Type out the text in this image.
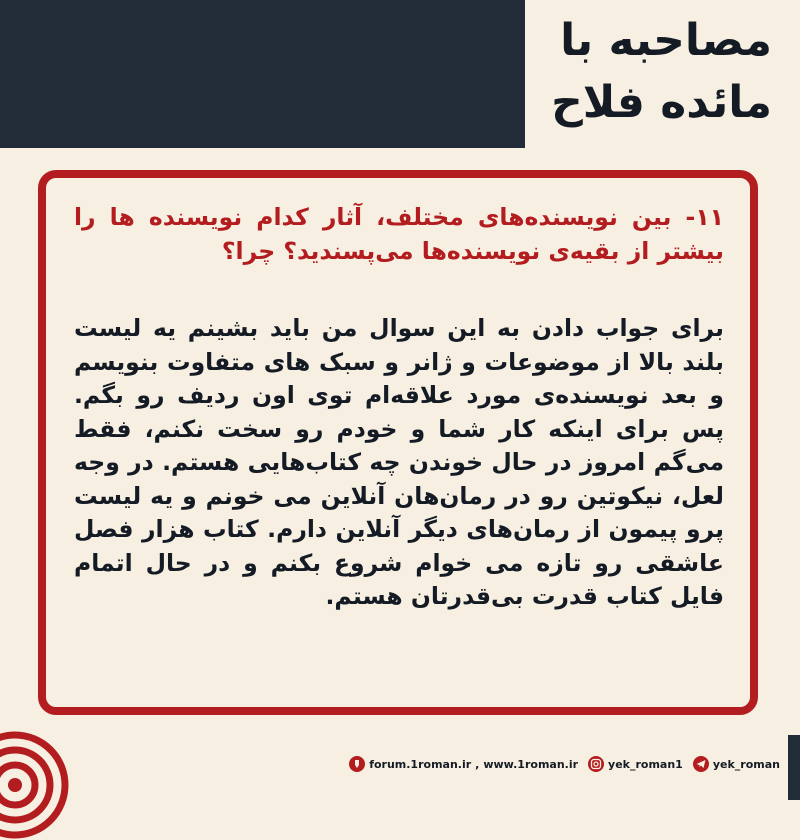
مصاحبه با
مائده فلاح

۱۱- بین نویسنده‌های مختلف، آثار کدام نویسنده ها را بیشتر از بقیه‌ی نویسنده‌ها می‌پسندید؟ چرا؟

برای جواب دادن به این سوال من باید بشینم یه لیست بلند بالا از موضوعات و ژانر و سبک های متفاوت بنویسم و بعد نویسنده‌ی مورد علاقه‌ام توی اون ردیف رو بگم. پس برای اینکه کار شما و خودم رو سخت نکنم، فقط می‌گم امروز در حال خوندن چه کتاب‌هایی هستم. در وجه لعل، نیکوتین رو در رمان‌هان آنلاین می خونم و یه لیست پرو پیمون از رمان‌های دیگر آنلاین دارم. کتاب هزار فصل عاشقی رو تازه می خوام شروع بکنم و در حال اتمام فایل کتاب قدرت بی‌قدرتان هستم.

forum.1roman.ir , www.1roman.ir	yek_roman1	yek_roman
